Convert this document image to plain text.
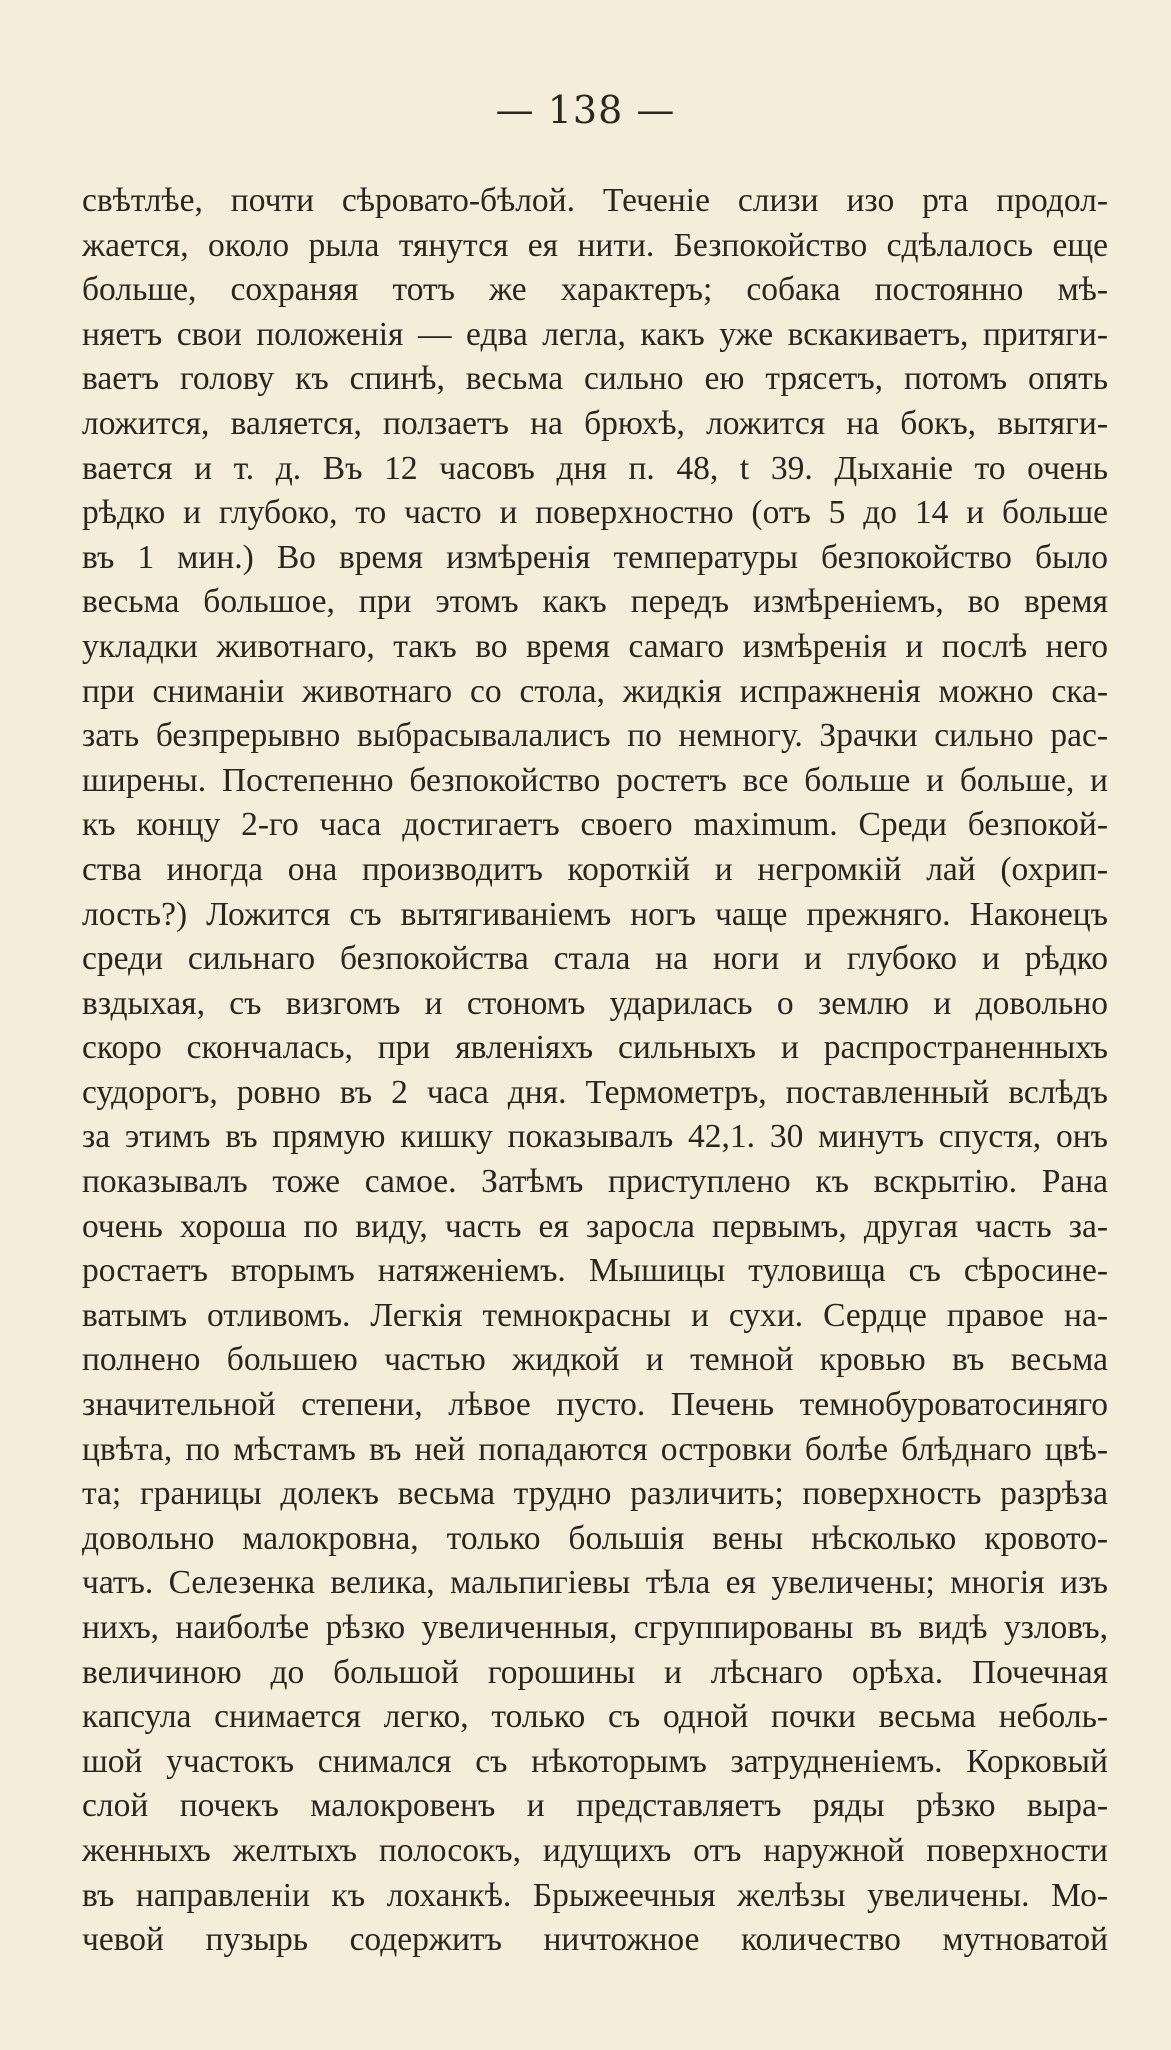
— 138 —
свѣтлѣе, почти сѣровато-бѣлой. Теченіе слизи изо рта продол-
жается, около рыла тянутся ея нити. Безпокойство сдѣлалось еще
больше, сохраняя тотъ же характеръ; собака постоянно мѣ-
няетъ свои положенія — едва легла, какъ уже вскакиваетъ, притяги-
ваетъ голову къ спинѣ, весьма сильно ею трясетъ, потомъ опять
ложится, валяется, ползаетъ на брюхѣ, ложится на бокъ, вытяги-
вается и т. д. Въ 12 часовъ дня п. 48, t 39. Дыханіе то очень
рѣдко и глубоко, то часто и поверхностно (отъ 5 до 14 и больше
въ 1 мин.) Во время измѣренія температуры безпокойство было
весьма большое, при этомъ какъ передъ измѣреніемъ, во время
укладки животнаго, такъ во время самаго измѣренія и послѣ него
при сниманіи животнаго со стола, жидкія испражненія можно ска-
зать безпрерывно выбрасывалалисъ по немногу. Зрачки сильно рас-
ширены. Постепенно безпокойство ростетъ все больше и больше, и
къ концу 2-го часа достигаетъ своего maximum. Среди безпокой-
ства иногда она производитъ короткій и негромкій лай (охрип-
лость?) Ложится съ вытягиваніемъ ногъ чаще прежняго. Наконецъ
среди сильнаго безпокойства стала на ноги и глубоко и рѣдко
вздыхая, съ визгомъ и стономъ ударилась о землю и довольно
скоро скончалась, при явленіяхъ сильныхъ и распространенныхъ
судорогъ, ровно въ 2 часа дня. Термометръ, поставленный вслѣдъ
за этимъ въ прямую кишку показывалъ 42,1. 30 минутъ спустя, онъ
показывалъ тоже самое. Затѣмъ приступлено къ вскрытію. Рана
очень хороша по виду, часть ея заросла первымъ, другая часть за-
ростаетъ вторымъ натяженіемъ. Мышицы туловища съ сѣросине-
ватымъ отливомъ. Легкія темнокрасны и сухи. Сердце правое на-
полнено большею частью жидкой и темной кровью въ весьма
значительной степени, лѣвое пусто. Печень темнобуроватосиняго
цвѣта, по мѣстамъ въ ней попадаются островки болѣе блѣднаго цвѣ-
та; границы долекъ весьма трудно различить; поверхность разрѣза
довольно малокровна, только большія вены нѣсколько кровото-
чатъ. Селезенка велика, мальпигіевы тѣла ея увеличены; многія изъ
нихъ, наиболѣе рѣзко увеличенныя, сгруппированы въ видѣ узловъ,
величиною до большой горошины и лѣснаго орѣха. Почечная
капсула снимается легко, только съ одной почки весьма неболь-
шой участокъ снимался съ нѣкоторымъ затрудненіемъ. Корковый
слой почекъ малокровенъ и представляетъ ряды рѣзко выра-
женныхъ желтыхъ полосокъ, идущихъ отъ наружной поверхности
въ направленіи къ лоханкѣ. Брыжеечныя желѣзы увеличены. Мо-
чевой пузырь содержитъ ничтожное количество мутноватой
